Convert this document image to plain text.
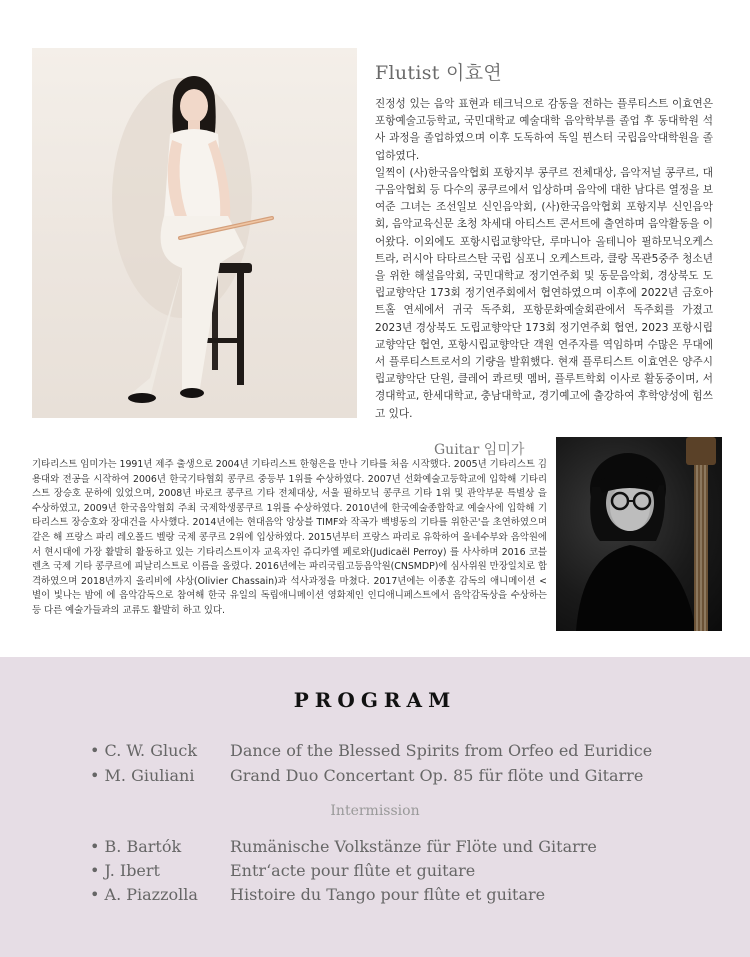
Flutist 이효연

진정성 있는 음악 표현과 테크닉으로 감동을 전하는 플루티스트 이효연은 포항예술고등학교, 국민대학교 예술대학 음악학부를 졸업 후 동대학원 석사 과정을 졸업하였으며 이후 도독하여 독일 뮌스터 국립음악대학원을 졸업하였다.

일찍이 (사)한국음악협회 포항지부 콩쿠르 전체대상, 음악저널 콩쿠르, 대구음악협회 등 다수의 콩쿠르에서 입상하며 음악에 대한 남다른 열정을 보여준 그녀는 조선일보 신인음악회, (사)한국음악협회 포항지부 신인음악회, 음악교육신문 초청 차세대 아티스트 콘서트에 출연하며 음악활동을 이어왔다. 이외에도 포항시립교향악단, 루마니아 올테니아 필하모닉오케스트라, 러시아 타타르스탄 국립 심포니 오케스트라, 클랑 목관5중주 청소년을 위한 해설음악회, 국민대학교 정기연주회 및 동문음악회, 경상북도 도립교향악단 173회 정기연주회에서 협연하였으며 이후에 2022년 금호아트홀 연세에서 귀국 독주회, 포항문화예술회관에서 독주회를 가졌고 2023년 경상북도 도립교향악단 173회 정기연주회 협연, 2023 포항시립교향악단 협연, 포항시립교향악단 객원 연주자를 역임하며 수많은 무대에서 플루티스트로서의 기량을 발휘했다. 현재 플루티스트 이효연은 양주시립교향악단 단원, 클레어 콰르텟 멤버, 플루트학회 이사로 활동중이며, 서경대학교, 한세대학교, 충남대학교, 경기예고에 출강하여 후학양성에 힘쓰고 있다.

Guitar 임미가
기타리스트 임미가는 1991년 제주 출생으로 2004년 기타리스트 한형은을 만나 기타를 처음 시작했다. 2005년 기타리스트 김용대와 전공을 시작하여 2006년 한국기타협회 콩쿠르 중등부 1위를 수상하였다. 2007년 선화예술고등학교에 입학해 기타리스트 장승호 문하에 있었으며, 2008년 바로크 콩쿠르 기타 전체대상, 서울 필하모닉 콩쿠르 기타 1위 및 관악부문 특별상 을 수상하였고, 2009년 한국음악협회 주최 국제학생콩쿠르 1위를 수상하였다. 2010년에 한국예술종합학교 예술사에 입학해 기타리스트 장승호와 장대건을 사사했다. 2014년에는 현대음악 앙상블 TIMF와 작곡가 백병동의 기타를 위한곤'을 초연하였으며 같은 해 프랑스 파리 레오폴드 벨랑 국제 콩쿠르 2위에 입상하였다. 2015년부터 프랑스 파리로 유학하여 올네수부와 음악원에서 현시대에 가장 활발히 활동하고 있는 기타리스트이자 교육자인 쥬디카엘 페로와(Judicaël Perroy) 를 사사하며 2016 코블렌츠 국제 기타 콩쿠르에 피날리스트로 이름을 올렸다. 2016년에는 파리국립고등음악원(CNSMDP)에 심사위원 만장일치로 합격하였으며 2018년까지 올리비에 샤상(Olivier Chassain)과 석사과정을 마쳤다. 2017년에는 이종훈 감독의 애니메이션 <별이 빛나는 밤에 에 음악감독으로 참여해 한국 유일의 독립애니메이션 영화제인 인디애니페스트에서 음악감독상을 수상하는 등 다른 예술가들과의 교류도 활발히 하고 있다.
PROGRAM
• C. W. Gluck Dance of the Blessed Spirits from Orfeo ed Euridice
• M. Giuliani Grand Duo Concertant Op. 85 für flöte und Gitarre
Intermission
• B. Bartók	Rumänische Volkstänze für Flöte und Gitarre
• J. Ibert	Entr‘acte pour flûte et guitare
• A. Piazzolla Histoire du Tango pour flûte et guitare
